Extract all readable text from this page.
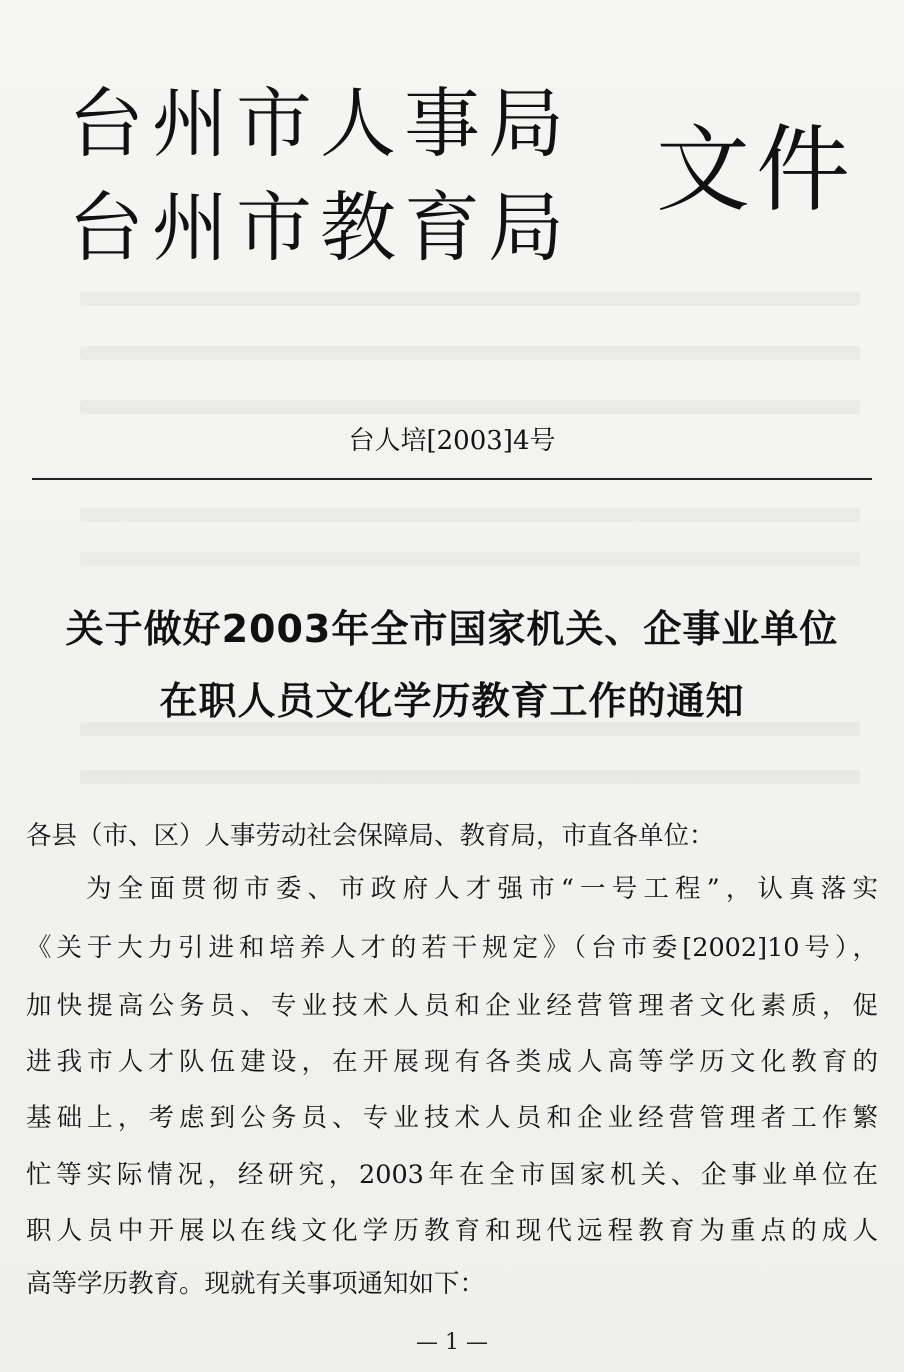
台州市人事局
台州市教育局
文件
台人培[2003]4号
关于做好2003年全市国家机关、企事业单位
在职人员文化学历教育工作的通知
各县（市、区）人事劳动社会保障局、教育局，市直各单位：
为全面贯彻市委、市政府人才强市“一号工程”，认真落实
《关于大力引进和培养人才的若干规定》（台市委[2002]10号），
加快提高公务员、专业技术人员和企业经营管理者文化素质，促
进我市人才队伍建设，在开展现有各类成人高等学历文化教育的
基础上，考虑到公务员、专业技术人员和企业经营管理者工作繁
忙等实际情况，经研究，2003年在全市国家机关、企事业单位在
职人员中开展以在线文化学历教育和现代远程教育为重点的成人
高等学历教育。现就有关事项通知如下：
— 1 —
